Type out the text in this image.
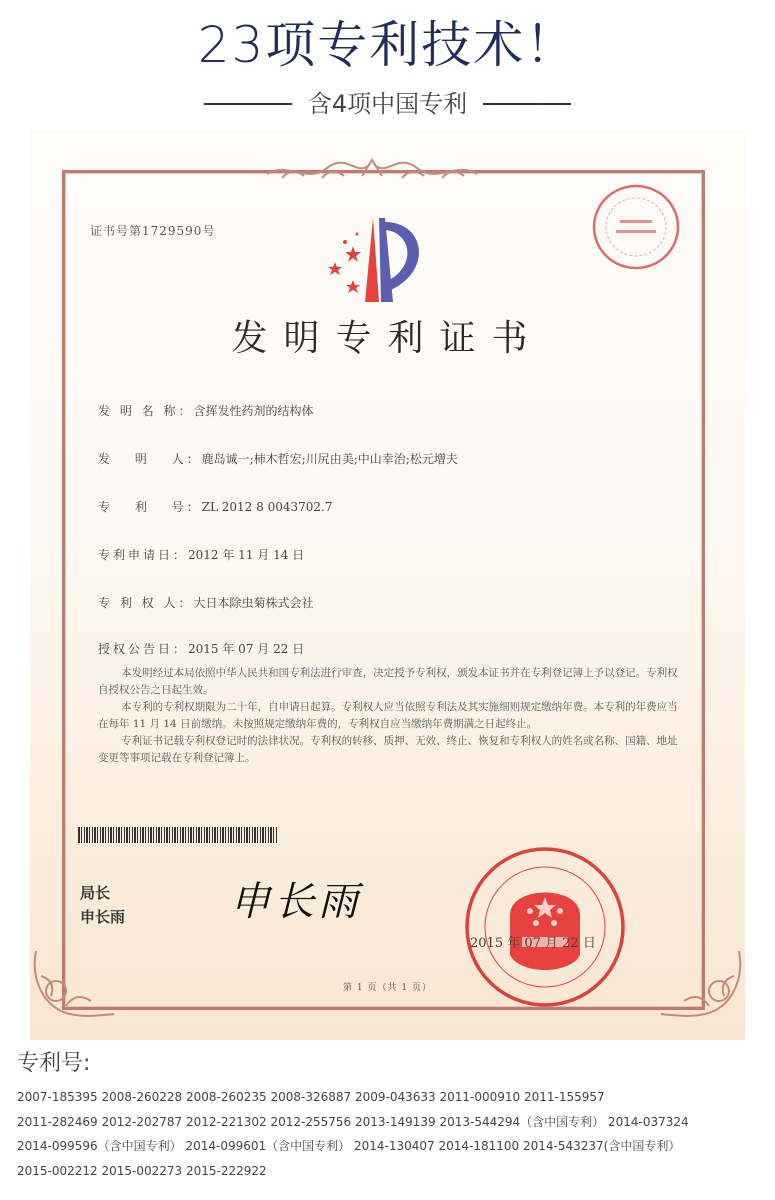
23项专利技术！
含4项中国专利
证书号第1729590号
发明专利证书
发 明 名 称：含挥发性药剂的结构体
发　 明　 人：鹿岛诚一;柿木哲宏;川尻由美;中山幸治;松元增夫
专　 利　 号：ZL 2012 8 0043702.7
专利申请日：2012 年 11 月 14 日
专 利 权 人：大日本除虫菊株式会社
授权公告日：2015 年 07 月 22 日

本发明经过本局依照中华人民共和国专利法进行审查，决定授予专利权，颁发本证书并在专利登记簿上予以登记。专利权自授权公告之日起生效。

本专利的专利权期限为二十年，自申请日起算。专利权人应当依照专利法及其实施细则规定缴纳年费。本专利的年费应当在每年 11 月 14 日前缴纳。未按照规定缴纳年费的，专利权自应当缴纳年费期满之日起终止。

专利证书记载专利权登记时的法律状况。专利权的转移、质押、无效、终止、恢复和专利权人的姓名或名称、国籍、地址变更等事项记载在专利登记簿上。

局长
申长雨	申长雨
2015 年 07 月 22 日
第 1 页（共 1 页）
专利号:
2007-185395 2008-260228 2008-260235 2008-326887 2009-043633 2011-000910 2011-155957
2011-282469 2012-202787 2012-221302 2012-255756 2013-149139 2013-544294（含中国专利） 2014-037324
2014-099596（含中国专利） 2014-099601（含中国专利） 2014-130407 2014-181100 2014-543237(含中国专利）
2015-002212 2015-002273 2015-222922
